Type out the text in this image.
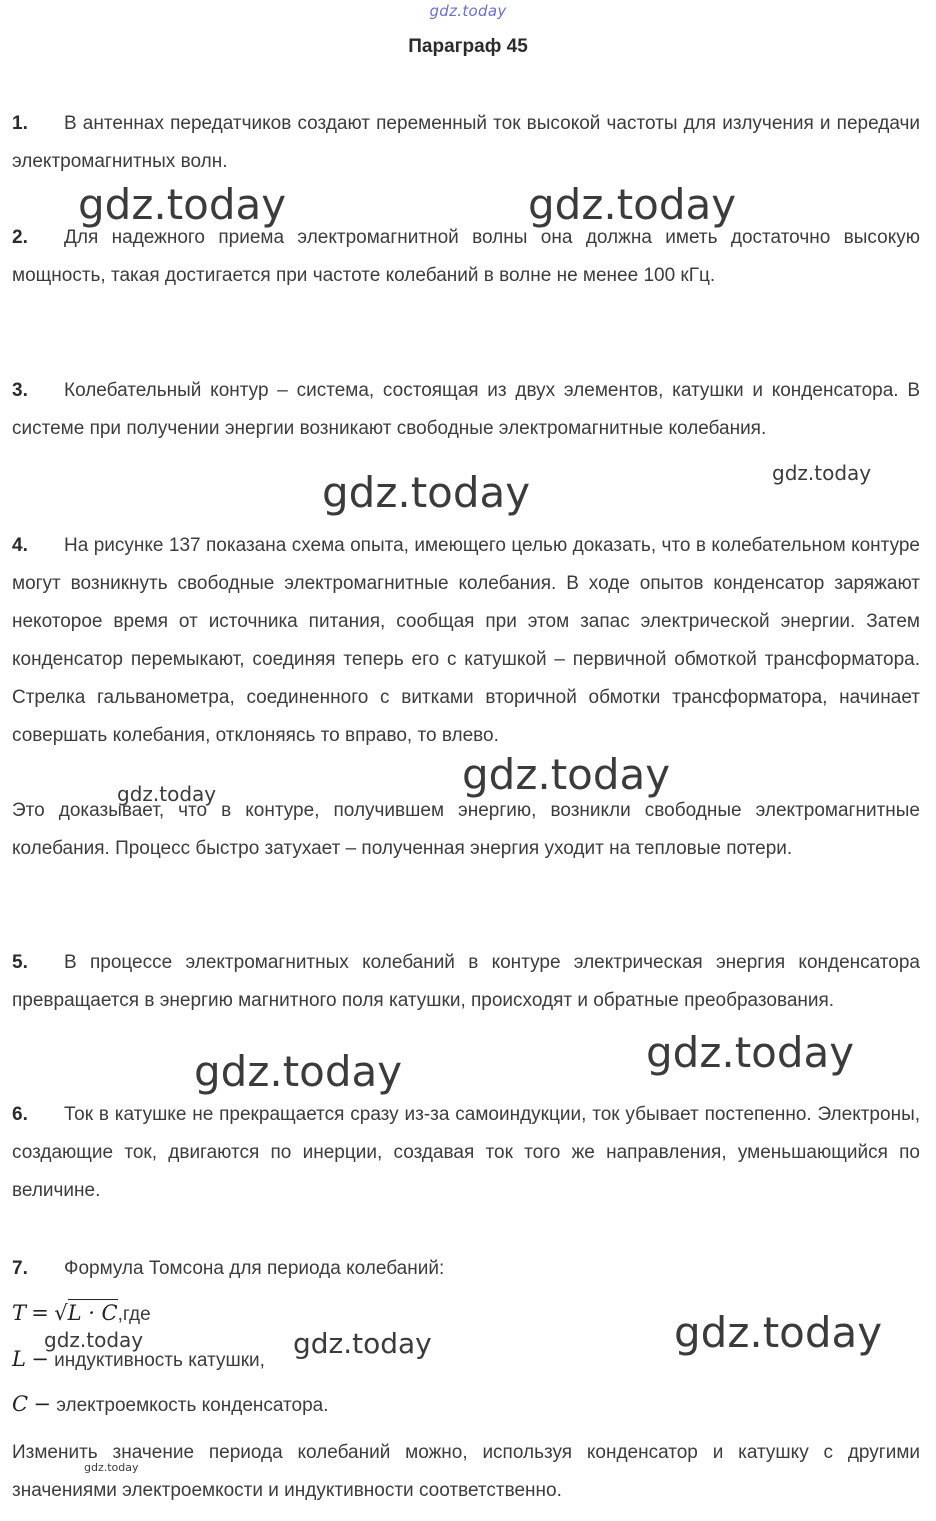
gdz.today
Параграф 45

1. В антеннах передатчиков создают переменный ток высокой частоты для излучения и передачи электромагнитных волн.

2. Для надежного приема электромагнитной волны она должна иметь достаточно высокую мощность, такая достигается при частоте колебаний в волне не менее 100 кГц.

3. Колебательный контур – система, состоящая из двух элементов, катушки и конденсатора. В системе при получении энергии возникают свободные электромагнитные колебания.

4. На рисунке 137 показана схема опыта, имеющего целью доказать, что в колебательном контуре могут возникнуть свободные электромагнитные колебания. В ходе опытов конденсатор заряжают некоторое время от источника питания, сообщая при этом запас электрической энергии. Затем конденсатор перемыкают, соединяя теперь его с катушкой – первичной обмоткой трансформатора. Стрелка гальванометра, соединенного с витками вторичной обмотки трансформатора, начинает совершать колебания, отклоняясь то вправо, то влево.

Это доказывает, что в контуре, получившем энергию, возникли свободные электромагнитные колебания. Процесс быстро затухает – полученная энергия уходит на тепловые потери.

5. В процессе электромагнитных колебаний в контуре электрическая энергия конденсатора превращается в энергию магнитного поля катушки, происходят и обратные преобразования.

6. Ток в катушке не прекращается сразу из-за самоиндукции, ток убывает постепенно. Электроны, создающие ток, двигаются по инерции, создавая ток того же направления, уменьшающийся по величине.

7. Формула Томсона для периода колебаний:

T = √L · C,где
L − индуктивность катушки,
C − электроемкость конденсатора.

Изменить значение периода колебаний можно, используя конденсатор и катушку с другими значениями электроемкости и индуктивности соответственно.

gdz.today	gdz.today
gdz.today
gdz.today
gdz.today
gdz.today
gdz.today
gdz.today
gdz.today
gdz.today	gdz.today
gdz.today
